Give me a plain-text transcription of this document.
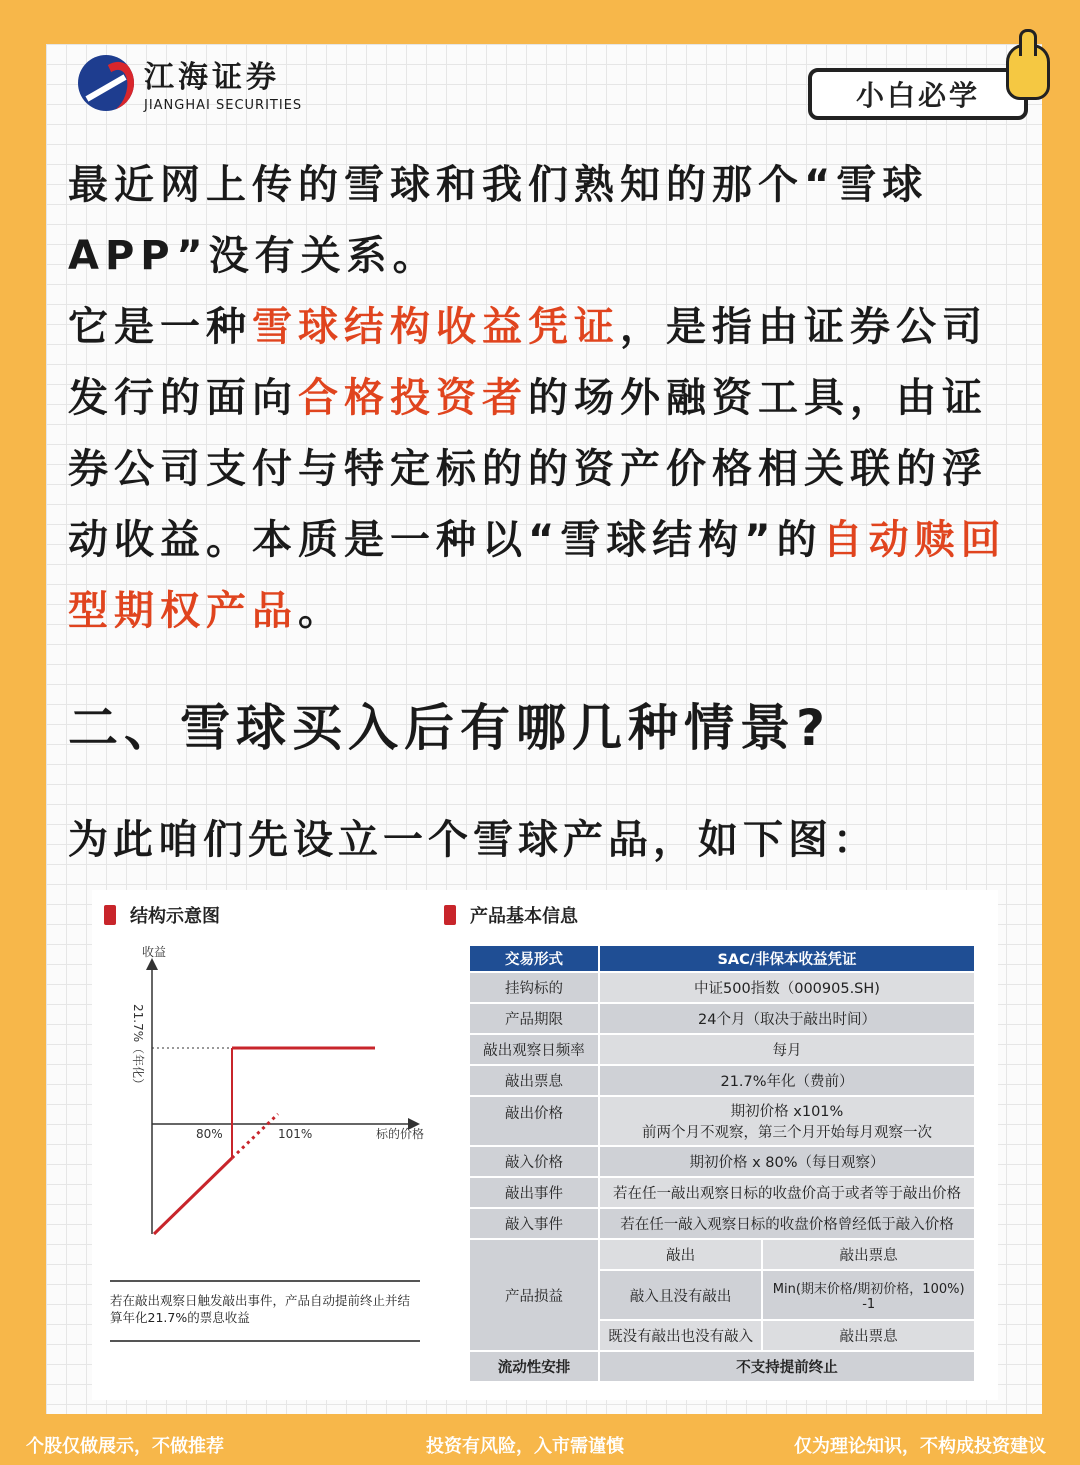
江海证券
JIANGHAI SECURITIES	小白必学
最近网上传的雪球和我们熟知的那个“雪球APP”没有关系。
它是一种雪球结构收益凭证，是指由证券公司发行的面向合格投资者的场外融资工具，由证券公司支付与特定标的的资产价格相关联的浮动收益。本质是一种以“雪球结构”的自动赎回型期权产品。
二、雪球买入后有哪几种情景?
为此咱们先设立一个雪球产品，如下图：
结构示意图
收益
21.7%（年化）
80%	101%	标的价格
若在敲出观察日触发敲出事件，产品自动提前终止并结算年化21.7%的票息收益
产品基本信息
交易形式	SAC/非保本收益凭证	
挂钩标的	中证500指数（000905.SH)	
产品期限	24个月（取决于敲出时间）	
敲出观察日频率	每月	
敲出票息	21.7%年化（费前）	
敲出价格	期初价格 x101%
前两个月不观察，第三个月开始每月观察一次	

敲入价格	期初价格 x 80%（每日观察）	
敲出事件	若在任一敲出观察日标的收盘价高于或者等于敲出价格	
敲入事件	若在任一敲入观察日标的收盘价格曾经低于敲入价格	
产品损益	敲出	敲出票息
	敲入且没有敲出	Min(期末价格/期初价格，100%)
-1

	既没有敲出也没有敲入	敲出票息
流动性安排	不支持提前终止	
个股仅做展示，不做推荐	投资有风险，入市需谨慎	仅为理论知识，不构成投资建议
